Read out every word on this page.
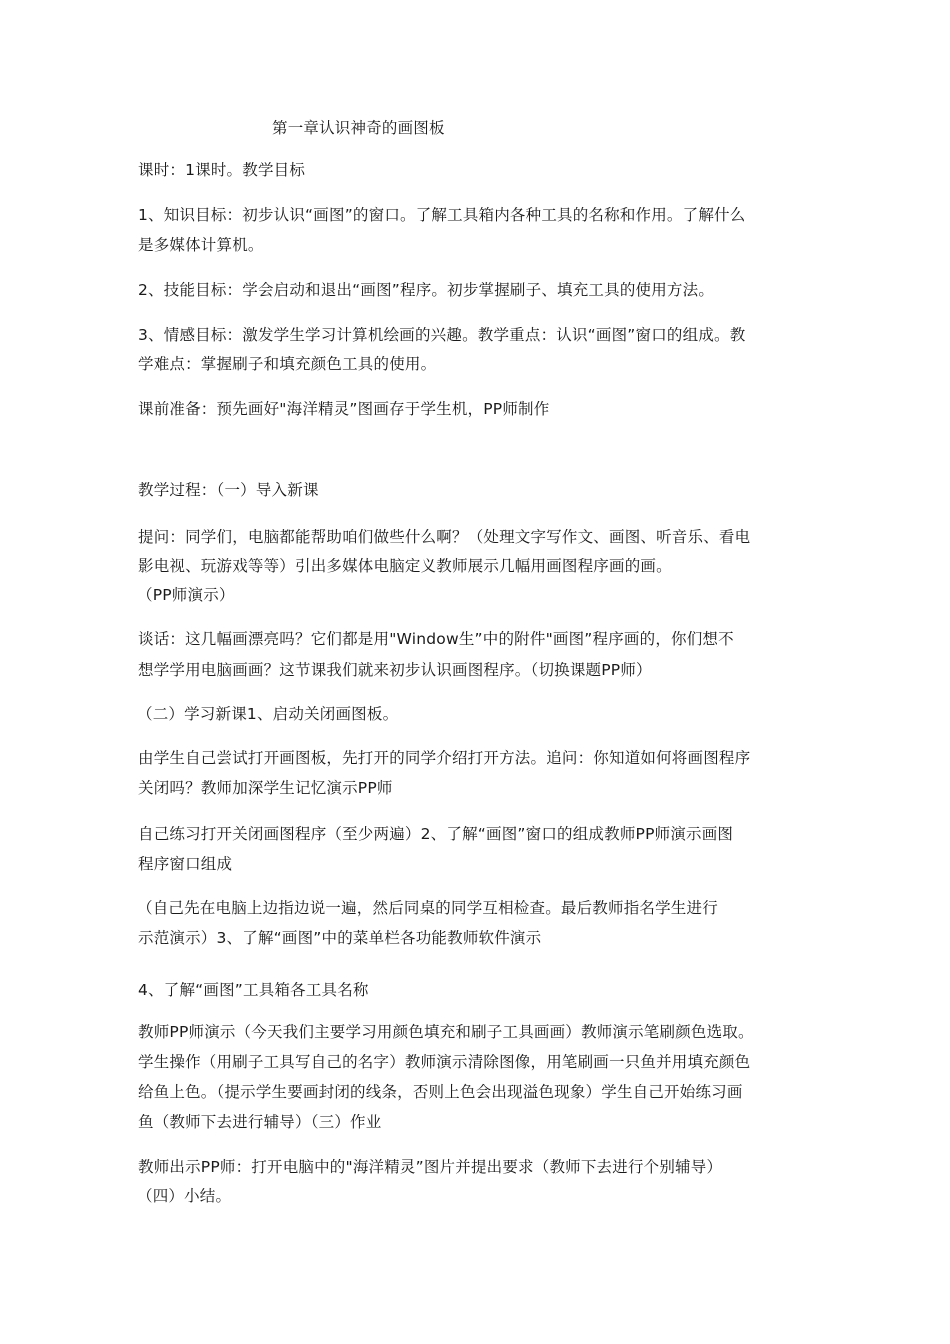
第一章认识神奇的画图板
课时：1课时。教学目标
1、知识目标：初步认识“画图”的窗口。了解工具箱内各种工具的名称和作用。了解什么
是多媒体计算机。
2、技能目标：学会启动和退出“画图”程序。初步掌握刷子、填充工具的使用方法。
3、情感目标：激发学生学习计算机绘画的兴趣。教学重点：认识“画图”窗口的组成。教
学难点：掌握刷子和填充颜色工具的使用。
课前准备：预先画好"海洋精灵”图画存于学生机，PP师制作
教学过程：（一）导入新课
提问：同学们，电脑都能帮助咱们做些什么啊？（处理文字写作文、画图、听音乐、看电
影电视、玩游戏等等）引出多媒体电脑定义教师展示几幅用画图程序画的画。
（PP师演示）
谈话：这几幅画漂亮吗？它们都是用"Window生”中的附件"画图”程序画的，你们想不
想学学用电脑画画？这节课我们就来初步认识画图程序。（切换课题PP师）
（二）学习新课1、启动关闭画图板。
由学生自己尝试打开画图板，先打开的同学介绍打开方法。追问：你知道如何将画图程序
关闭吗？教师加深学生记忆演示PP师
自己练习打开关闭画图程序（至少两遍）2、了解“画图”窗口的组成教师PP师演示画图
程序窗口组成
（自己先在电脑上边指边说一遍，然后同桌的同学互相检查。最后教师指名学生进行
示范演示）3、了解“画图”中的菜单栏各功能教师软件演示
4、了解“画图”工具箱各工具名称
教师PP师演示（今天我们主要学习用颜色填充和刷子工具画画）教师演示笔刷颜色选取。
学生操作（用刷子工具写自己的名字）教师演示清除图像，用笔刷画一只鱼并用填充颜色
给鱼上色。（提示学生要画封闭的线条，否则上色会出现溢色现象）学生自己开始练习画
鱼（教师下去进行辅导）（三）作业
教师出示PP师：打开电脑中的"海洋精灵”图片并提出要求（教师下去进行个别辅导）
（四）小结。
